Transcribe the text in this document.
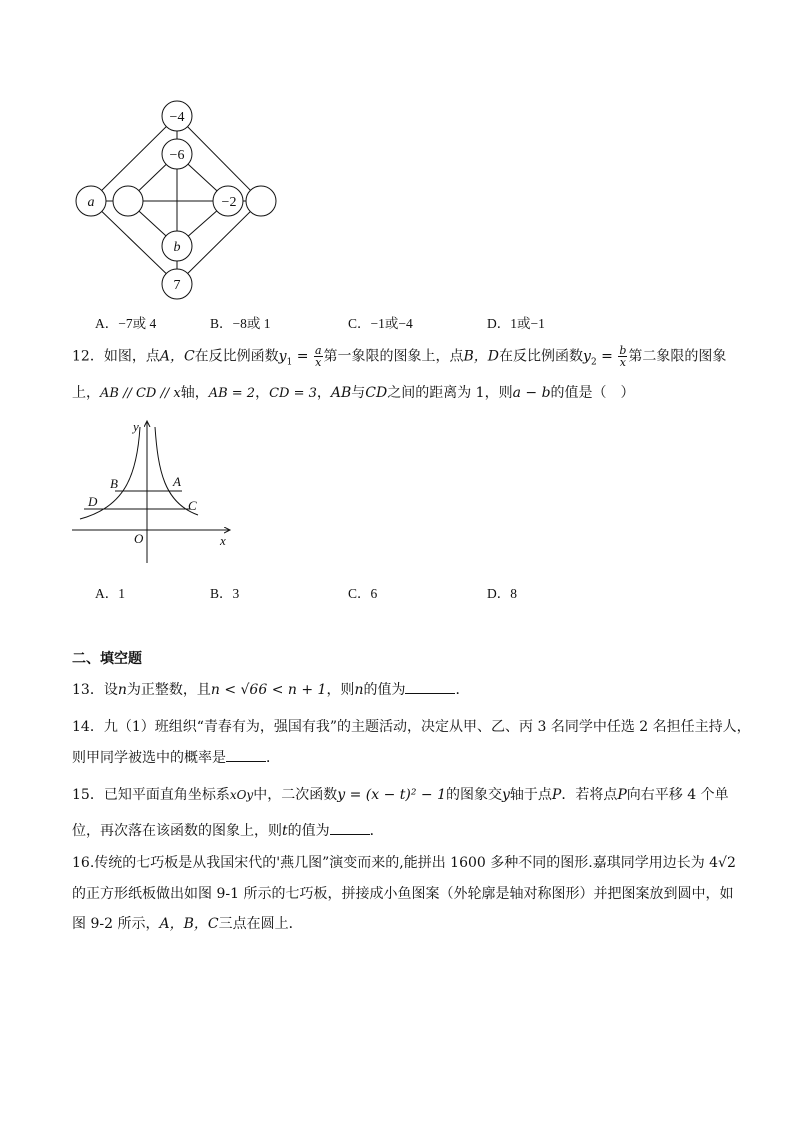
−4
−6
a	−2
b
7
A．−7或 4	B．−8或 1	C．−1或−4	D．1或−1
12．如图，点A，C在反比例函数$y_1 = \frac{a}{x}$ 第一象限的图象上，点B，D在反比例函数$y_2 = \frac{b}{x}$ 第二象限的图象
上，AB // CD // x轴，AB = 2，CD = 3，AB与CD之间的距离为 1，则a − b的值是（　）
y
x
O
A
B
C
D
A．1	B．3	C．6	D．8
二、填空题
13．设n为正整数，且n < √66 < n + 1，则n的值为	．
14．九（1）班组织“青春有为，强国有我”的主题活动，决定从甲、乙、丙 3 名同学中任选 2 名担任主持人，
则甲同学被选中的概率是	．
15．已知平面直角坐标系xOy中，二次函数y = (x − t)² − 1的图象交y轴于点P．若将点P向右平移 4 个单
位，再次落在该函数的图象上，则t的值为	．
16.传统的七巧板是从我国宋代的'燕几图”演变而来的,能拼出 1600 多种不同的图形.嘉琪同学用边长为 4√2
的正方形纸板做出如图 9-1 所示的七巧板，拼接成小鱼图案（外轮廓是轴对称图形）并把图案放到圆中，如
图 9-2 所示，A，B，C三点在圆上．
